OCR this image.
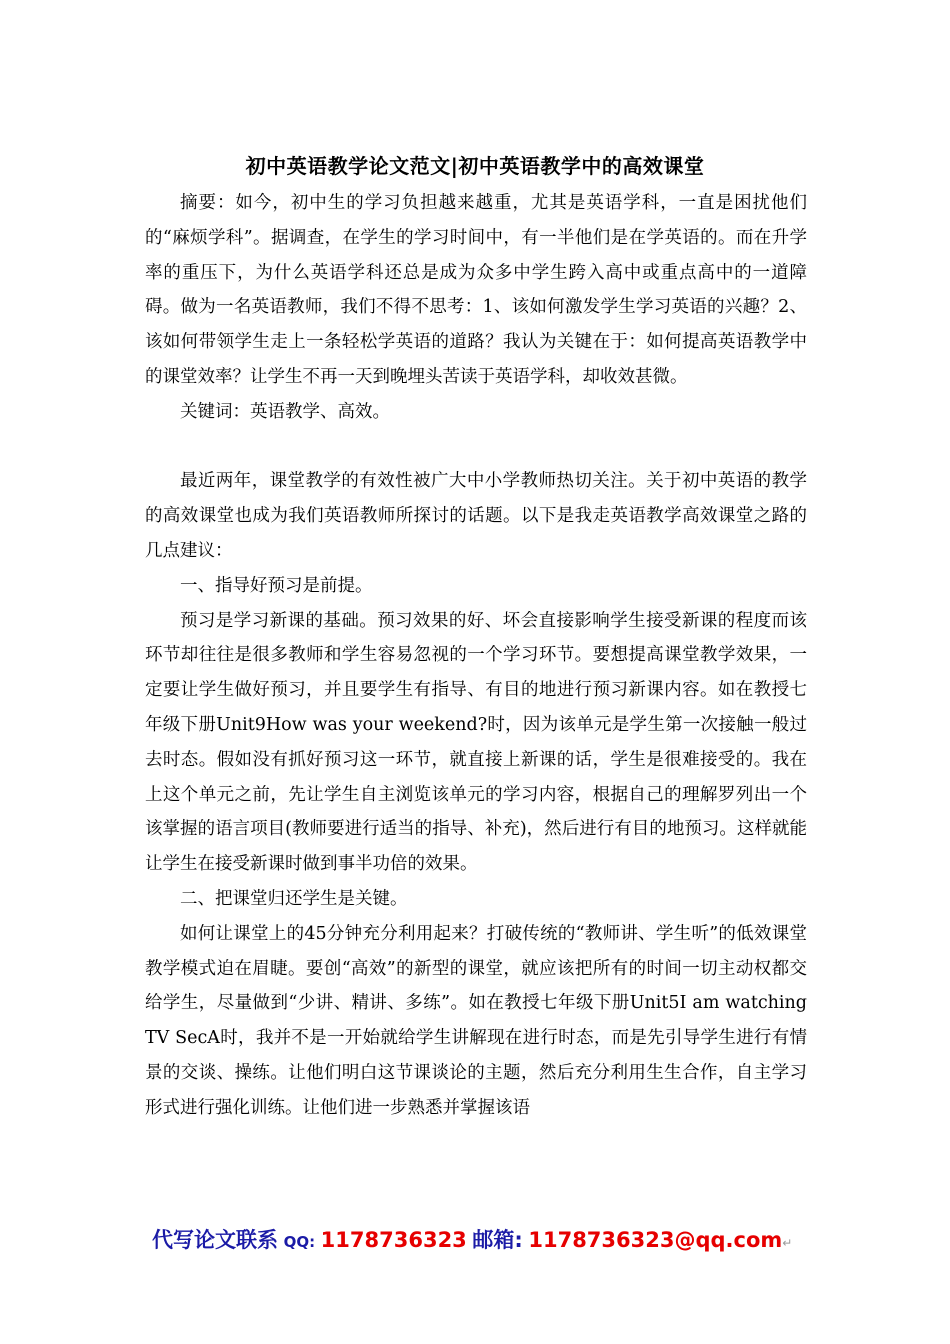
初中英语教学论文范文|初中英语教学中的高效课堂

摘要：如今，初中生的学习负担越来越重，尤其是英语学科，一直是困扰他们的“麻烦学科”。据调查，在学生的学习时间中，有一半他们是在学英语的。而在升学率的重压下，为什么英语学科还总是成为众多中学生跨入高中或重点高中的一道障碍。做为一名英语教师，我们不得不思考：1、该如何激发学生学习英语的兴趣？2、该如何带领学生走上一条轻松学英语的道路？我认为关键在于：如何提高英语教学中的课堂效率？让学生不再一天到晚埋头苦读于英语学科，却收效甚微。

关键词：英语教学、高效。

最近两年，课堂教学的有效性被广大中小学教师热切关注。关于初中英语的教学的高效课堂也成为我们英语教师所探讨的话题。以下是我走英语教学高效课堂之路的几点建议：

一、指导好预习是前提。

预习是学习新课的基础。预习效果的好、坏会直接影响学生接受新课的程度而该环节却往往是很多教师和学生容易忽视的一个学习环节。要想提高课堂教学效果，一定要让学生做好预习，并且要学生有指导、有目的地进行预习新课内容。如在教授七年级下册Unit9How was your weekend?时，因为该单元是学生第一次接触一般过去时态。假如没有抓好预习这一环节，就直接上新课的话，学生是很难接受的。我在上这个单元之前，先让学生自主浏览该单元的学习内容，根据自己的理解罗列出一个该掌握的语言项目(教师要进行适当的指导、补充)，然后进行有目的地预习。这样就能让学生在接受新课时做到事半功倍的效果。

二、把课堂归还学生是关键。

如何让课堂上的45分钟充分利用起来？打破传统的“教师讲、学生听”的低效课堂教学模式迫在眉睫。要创“高效”的新型的课堂，就应该把所有的时间一切主动权都交给学生，尽量做到“少讲、精讲、多练”。如在教授七年级下册Unit5I am watching TV SecA时，我并不是一开始就给学生讲解现在进行时态，而是先引导学生进行有情景的交谈、操练。让他们明白这节课谈论的主题，然后充分利用生生合作，自主学习形式进行强化训练。让他们进一步熟悉并掌握该语

代写论文联系 QQ: 1178736323 邮箱: 1178736323@qq.com↵
